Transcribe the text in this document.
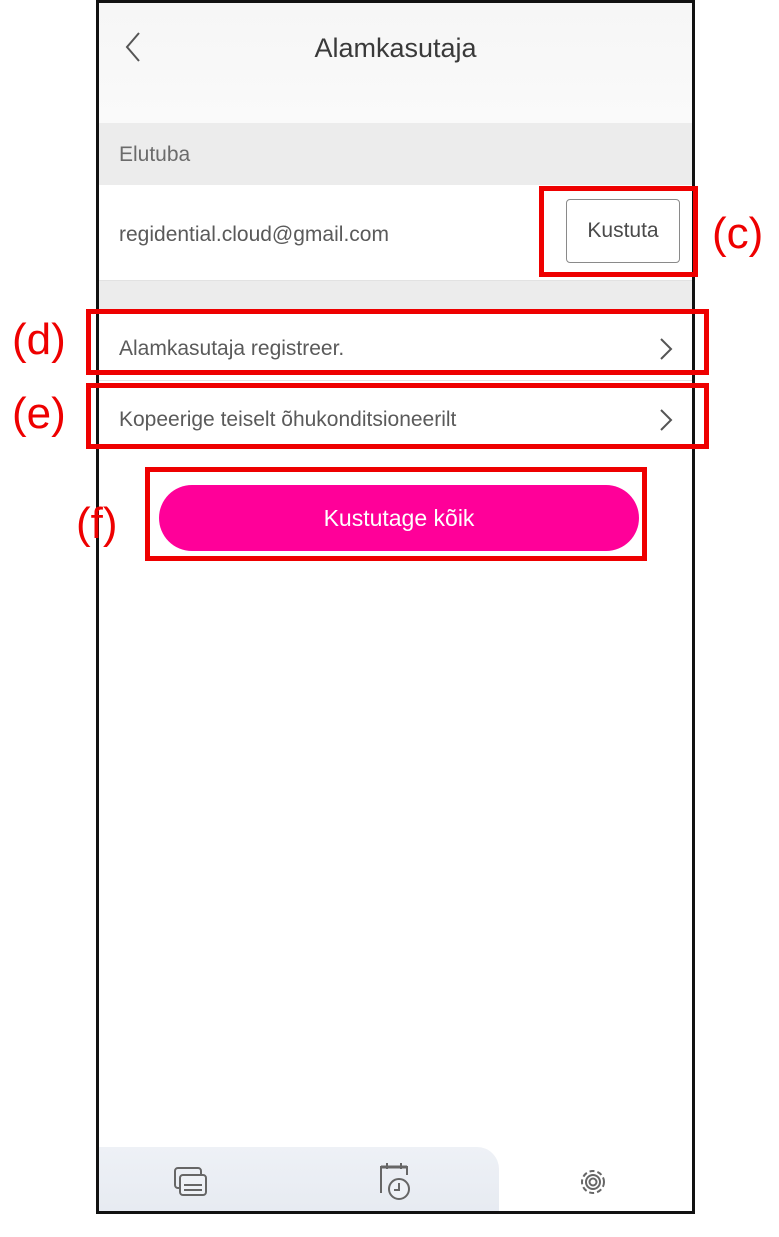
Alamkasutaja
Elutuba
regidential.cloud@gmail.com	Kustuta
Alamkasutaja registreer.
Kopeerige teiselt õhukonditsioneerilt
Kustutage kõik
(c)
(d)
(e)
(f)
